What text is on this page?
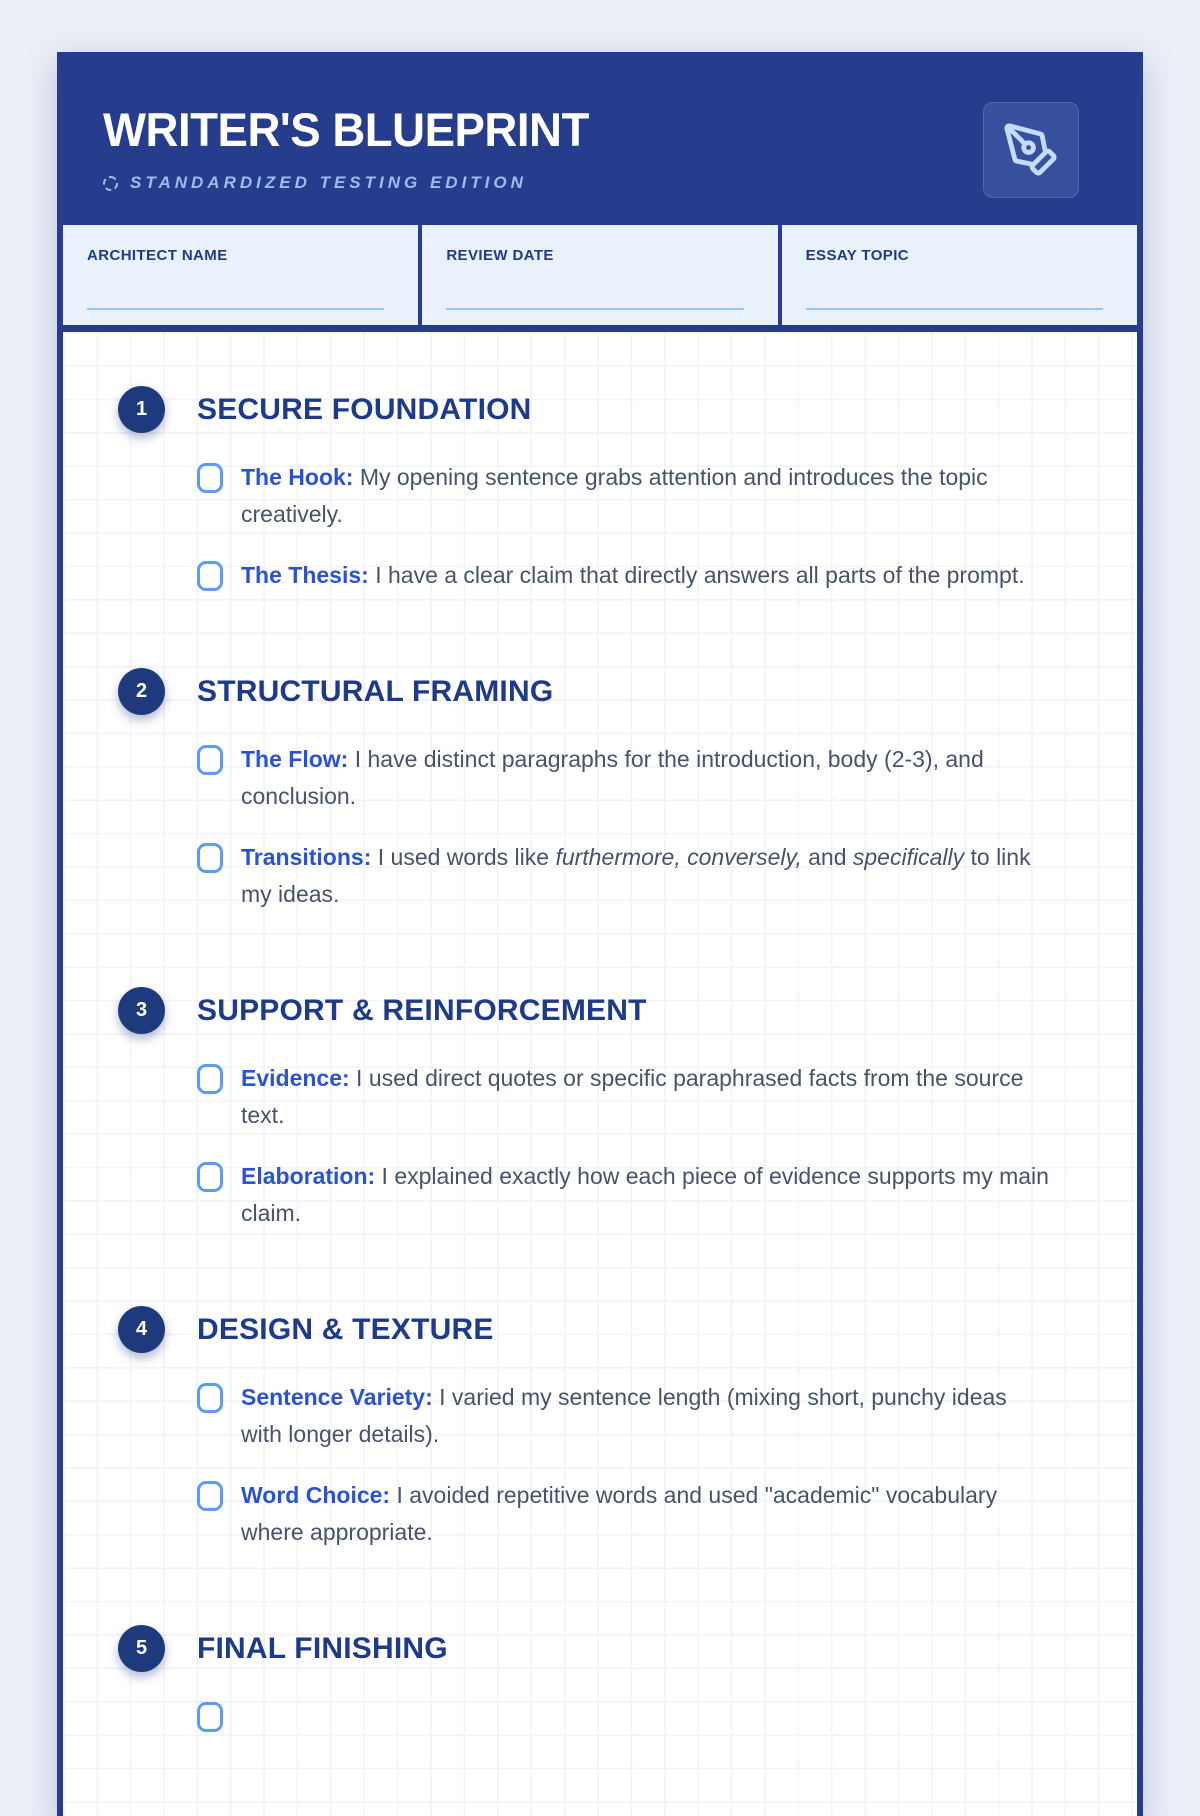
WRITER'S BLUEPRINT
STANDARDIZED TESTING EDITION
ARCHITECT NAME	REVIEW DATE	ESSAY TOPIC
1	SECURE FOUNDATION

The Hook: My opening sentence grabs attention and introduces the topic creatively.

The Thesis: I have a clear claim that directly answers all parts of the prompt.

2	STRUCTURAL FRAMING

The Flow: I have distinct paragraphs for the introduction, body (2-3), and conclusion.

Transitions: I used words like furthermore, conversely, and specifically to link my ideas.

3	SUPPORT & REINFORCEMENT

Evidence: I used direct quotes or specific paraphrased facts from the source text.

Elaboration: I explained exactly how each piece of evidence supports my main claim.

4	DESIGN & TEXTURE

Sentence Variety: I varied my sentence length (mixing short, punchy ideas with longer details).

Word Choice: I avoided repetitive words and used "academic" vocabulary where appropriate.

5	FINAL FINISHING
